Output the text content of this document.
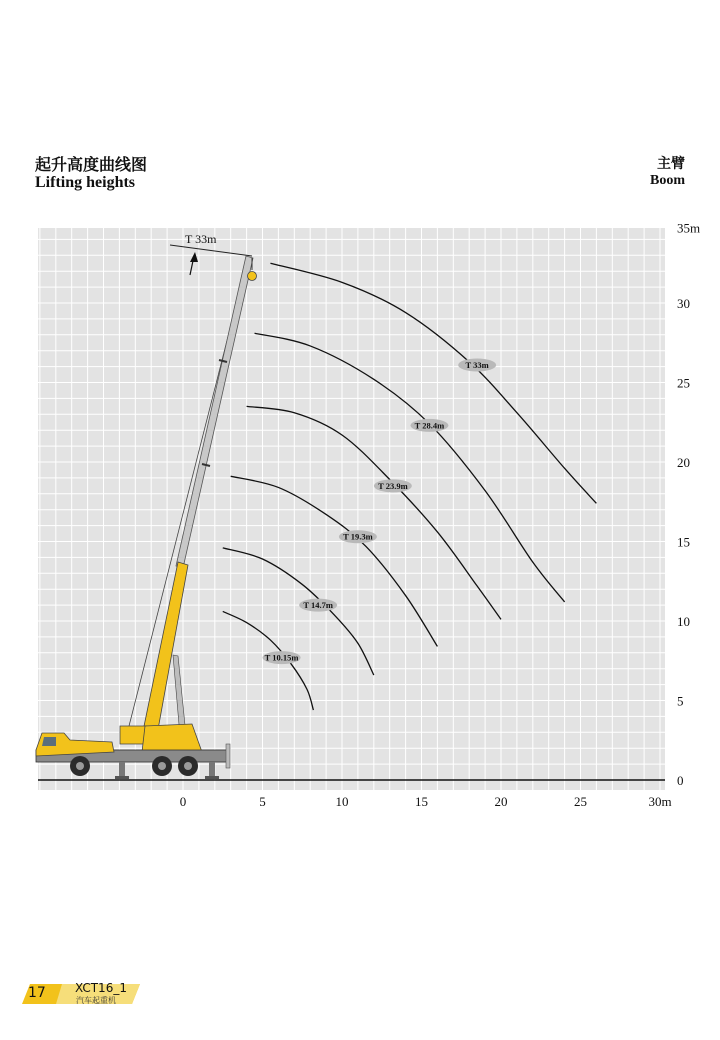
起升高度曲线图
Lifting heights
主臂
Boom
0	5	10	15	20	25	30m
0
5
10
15
20
25
30
35m
T 33m
T 33m
T 28.4m
T 23.9m
T 19.3m
T 14.7m
T 10.15m
17 XCT16_1
汽车起重机
